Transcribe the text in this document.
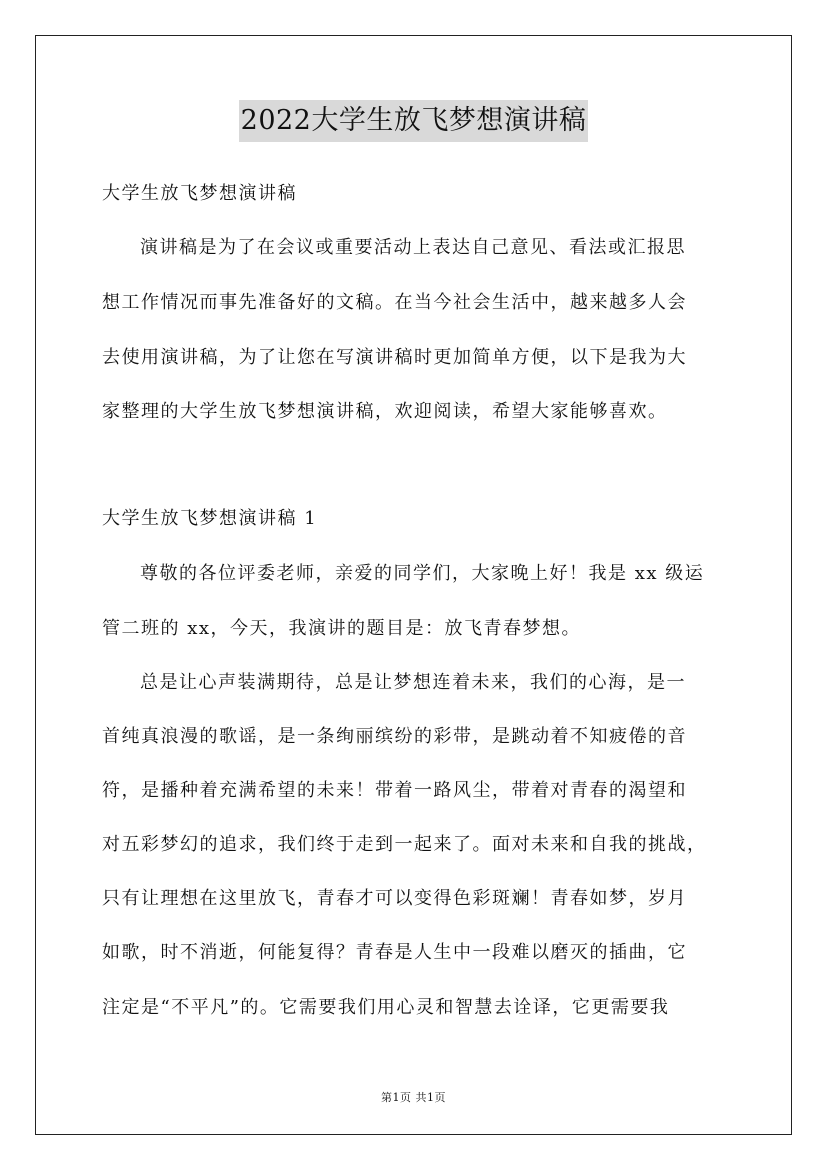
2022大学生放飞梦想演讲稿
大学生放飞梦想演讲稿
演讲稿是为了在会议或重要活动上表达自己意见、看法或汇报思
想工作情况而事先准备好的文稿。在当今社会生活中，越来越多人会
去使用演讲稿，为了让您在写演讲稿时更加简单方便，以下是我为大
家整理的大学生放飞梦想演讲稿，欢迎阅读，希望大家能够喜欢。
大学生放飞梦想演讲稿 1
尊敬的各位评委老师，亲爱的同学们，大家晚上好！我是 xx 级运
管二班的 xx，今天，我演讲的题目是：放飞青春梦想。
总是让心声装满期待，总是让梦想连着未来，我们的心海，是一
首纯真浪漫的歌谣，是一条绚丽缤纷的彩带，是跳动着不知疲倦的音
符，是播种着充满希望的未来！带着一路风尘，带着对青春的渴望和
对五彩梦幻的追求，我们终于走到一起来了。面对未来和自我的挑战，
只有让理想在这里放飞，青春才可以变得色彩斑斓！青春如梦，岁月
如歌，时不消逝，何能复得？青春是人生中一段难以磨灭的插曲，它
注定是“不平凡”的。它需要我们用心灵和智慧去诠译，它更需要我
第1页 共1页
